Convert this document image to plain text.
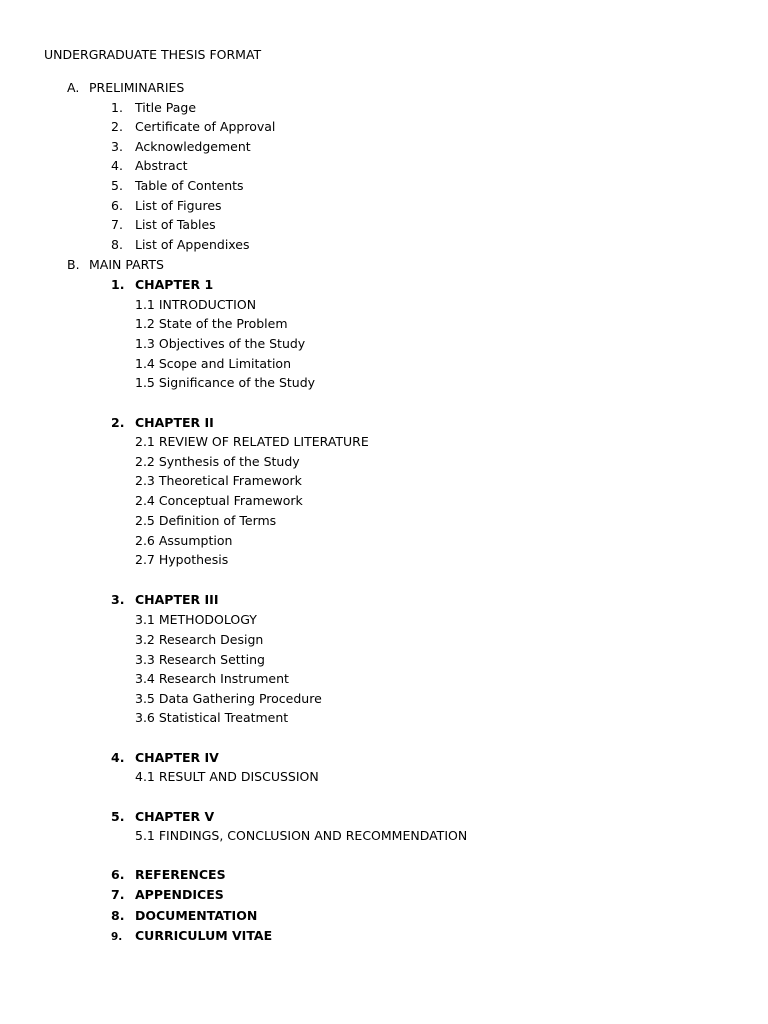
UNDERGRADUATE THESIS FORMAT
A. PRELIMINARIES
1. Title Page
2. Certificate of Approval
3. Acknowledgement
4. Abstract
5. Table of Contents
6. List of Figures
7. List of Tables
8. List of Appendixes
B. MAIN PARTS
1. CHAPTER 1
1.1 INTRODUCTION
1.2 State of the Problem
1.3 Objectives of the Study
1.4 Scope and Limitation
1.5 Significance of the Study
2. CHAPTER II
2.1 REVIEW OF RELATED LITERATURE
2.2 Synthesis of the Study
2.3 Theoretical Framework
2.4 Conceptual Framework
2.5 Definition of Terms
2.6 Assumption
2.7 Hypothesis
3. CHAPTER III
3.1 METHODOLOGY
3.2 Research Design
3.3 Research Setting
3.4 Research Instrument
3.5 Data Gathering Procedure
3.6 Statistical Treatment
4. CHAPTER IV
4.1 RESULT AND DISCUSSION
5. CHAPTER V
5.1 FINDINGS, CONCLUSION AND RECOMMENDATION
6. REFERENCES
7. APPENDICES
8. DOCUMENTATION
9. CURRICULUM VITAE
